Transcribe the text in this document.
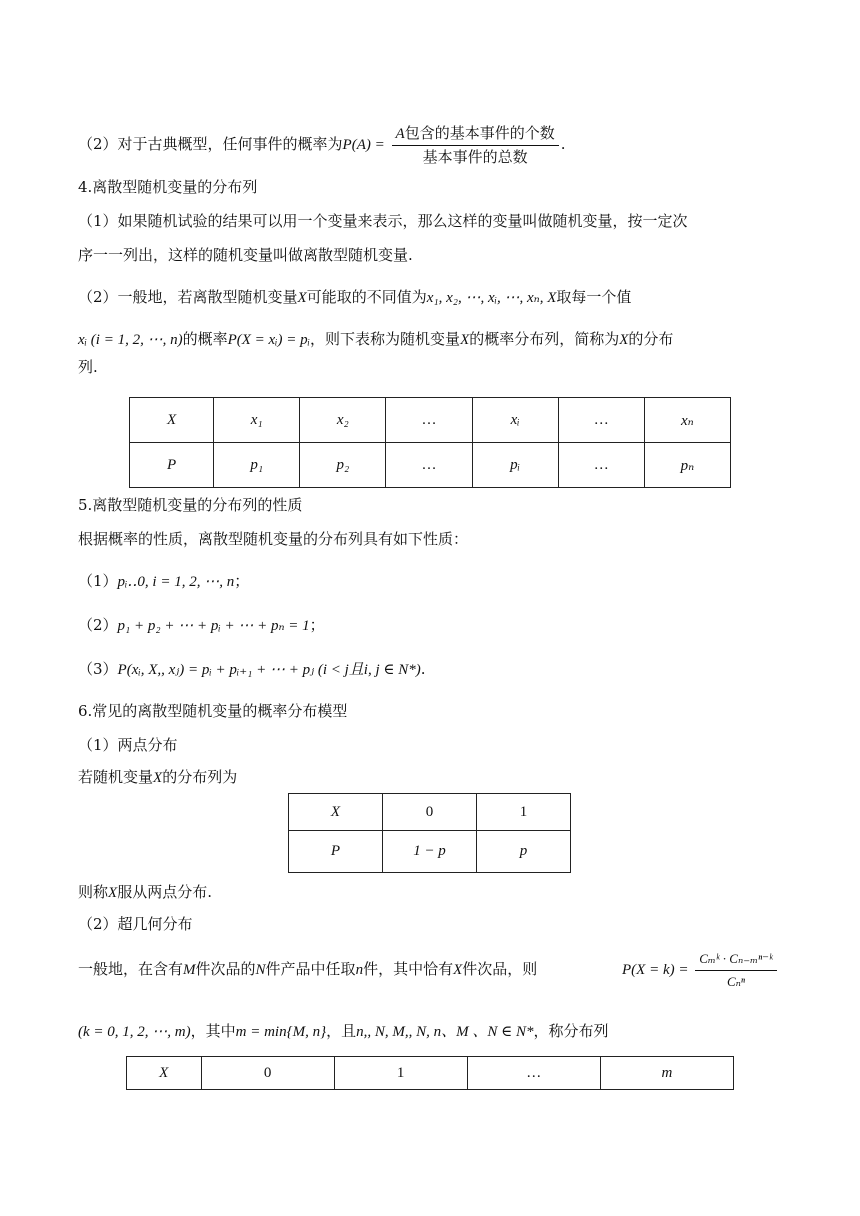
（2）对于古典概型，任何事件的概率为$P(A) = \frac{\text{A包含的基本事件的个数}}{\text{基本事件的总数}}$ .
4.离散型随机变量的分布列
（1）如果随机试验的结果可以用一个变量来表示，那么这样的变量叫做随机变量，按一定次
序一一列出，这样的随机变量叫做离散型随机变量.
（2）一般地，若离散型随机变量X可能取的不同值为x₁, x₂, ⋯, xᵢ, ⋯, xₙ, X取每一个值
xᵢ (i = 1, 2, ⋯, n)的概率P(X = xᵢ) = pᵢ，则下表称为随机变量X的概率分布列，简称为X的分布
列.
X	x₁	x₂	…	xᵢ	…	xₙ
P	p₁	p₂	…	pᵢ	…	pₙ
5.离散型随机变量的分布列的性质
根据概率的性质，离散型随机变量的分布列具有如下性质：
（1）pᵢ‥0, i = 1, 2, ⋯, n；
（2）p₁ + p₂ + ⋯ + pᵢ + ⋯ + pₙ = 1；
（3）P(xᵢ, X,, xⱼ) = pᵢ + pᵢ₊₁ + ⋯ + pⱼ (i < j且i, j ∈ N*).
6.常见的离散型随机变量的概率分布模型
（1）两点分布
若随机变量X的分布列为
X	0	1
P	1 − p	p
则称X服从两点分布.
（2）超几何分布
一般地，在含有M件次品的N件产品中任取n件，其中恰有X件次品，则	$P(X = k) = \frac{\text{Cₘᵏ · Cₙ₋ₘⁿ⁻ᵏ}}{\text{Cₙⁿ}}$
(k = 0, 1, 2, ⋯, m)，其中m = min{M, n}，且n,, N, M,, N, n、M 、N ∈ N*，称分布列
X	0	1	…	m
